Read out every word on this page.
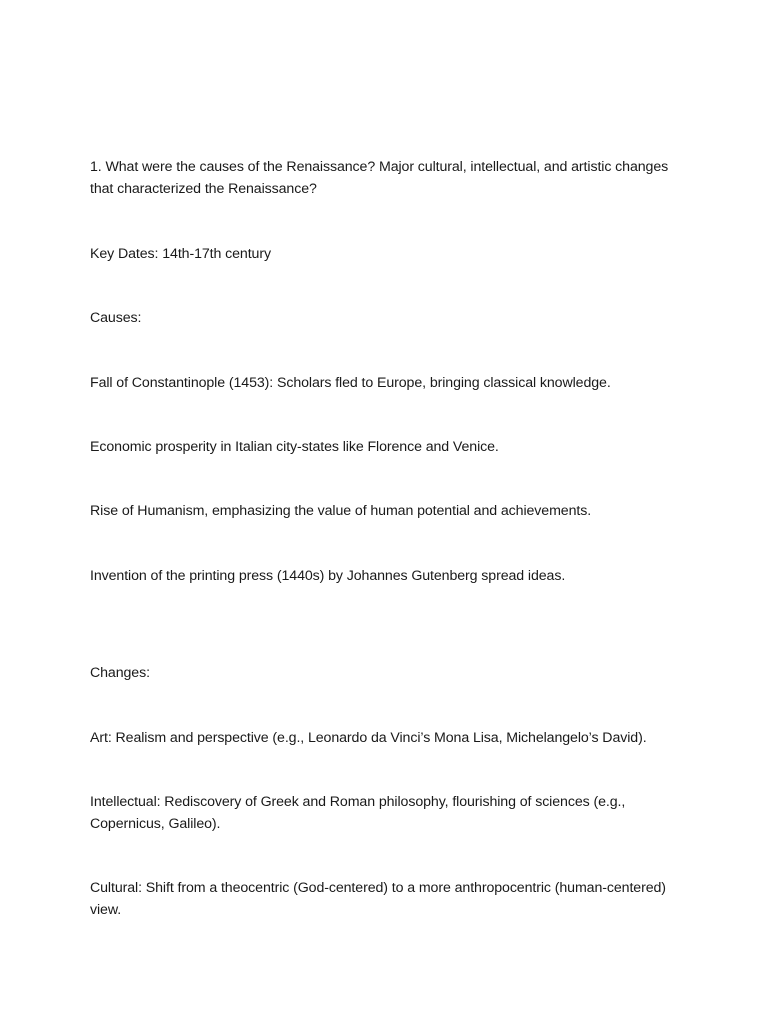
1. What were the causes of the Renaissance? Major cultural, intellectual, and artistic changes that characterized the Renaissance?

Key Dates: 14th-17th century

Causes:

Fall of Constantinople (1453): Scholars fled to Europe, bringing classical knowledge.

Economic prosperity in Italian city-states like Florence and Venice.

Rise of Humanism, emphasizing the value of human potential and achievements.

Invention of the printing press (1440s) by Johannes Gutenberg spread ideas.

Changes:

Art: Realism and perspective (e.g., Leonardo da Vinci’s Mona Lisa, Michelangelo’s David).

Intellectual: Rediscovery of Greek and Roman philosophy, flourishing of sciences (e.g., Copernicus, Galileo).

Cultural: Shift from a theocentric (God-centered) to a more anthropocentric (human-centered) view.
